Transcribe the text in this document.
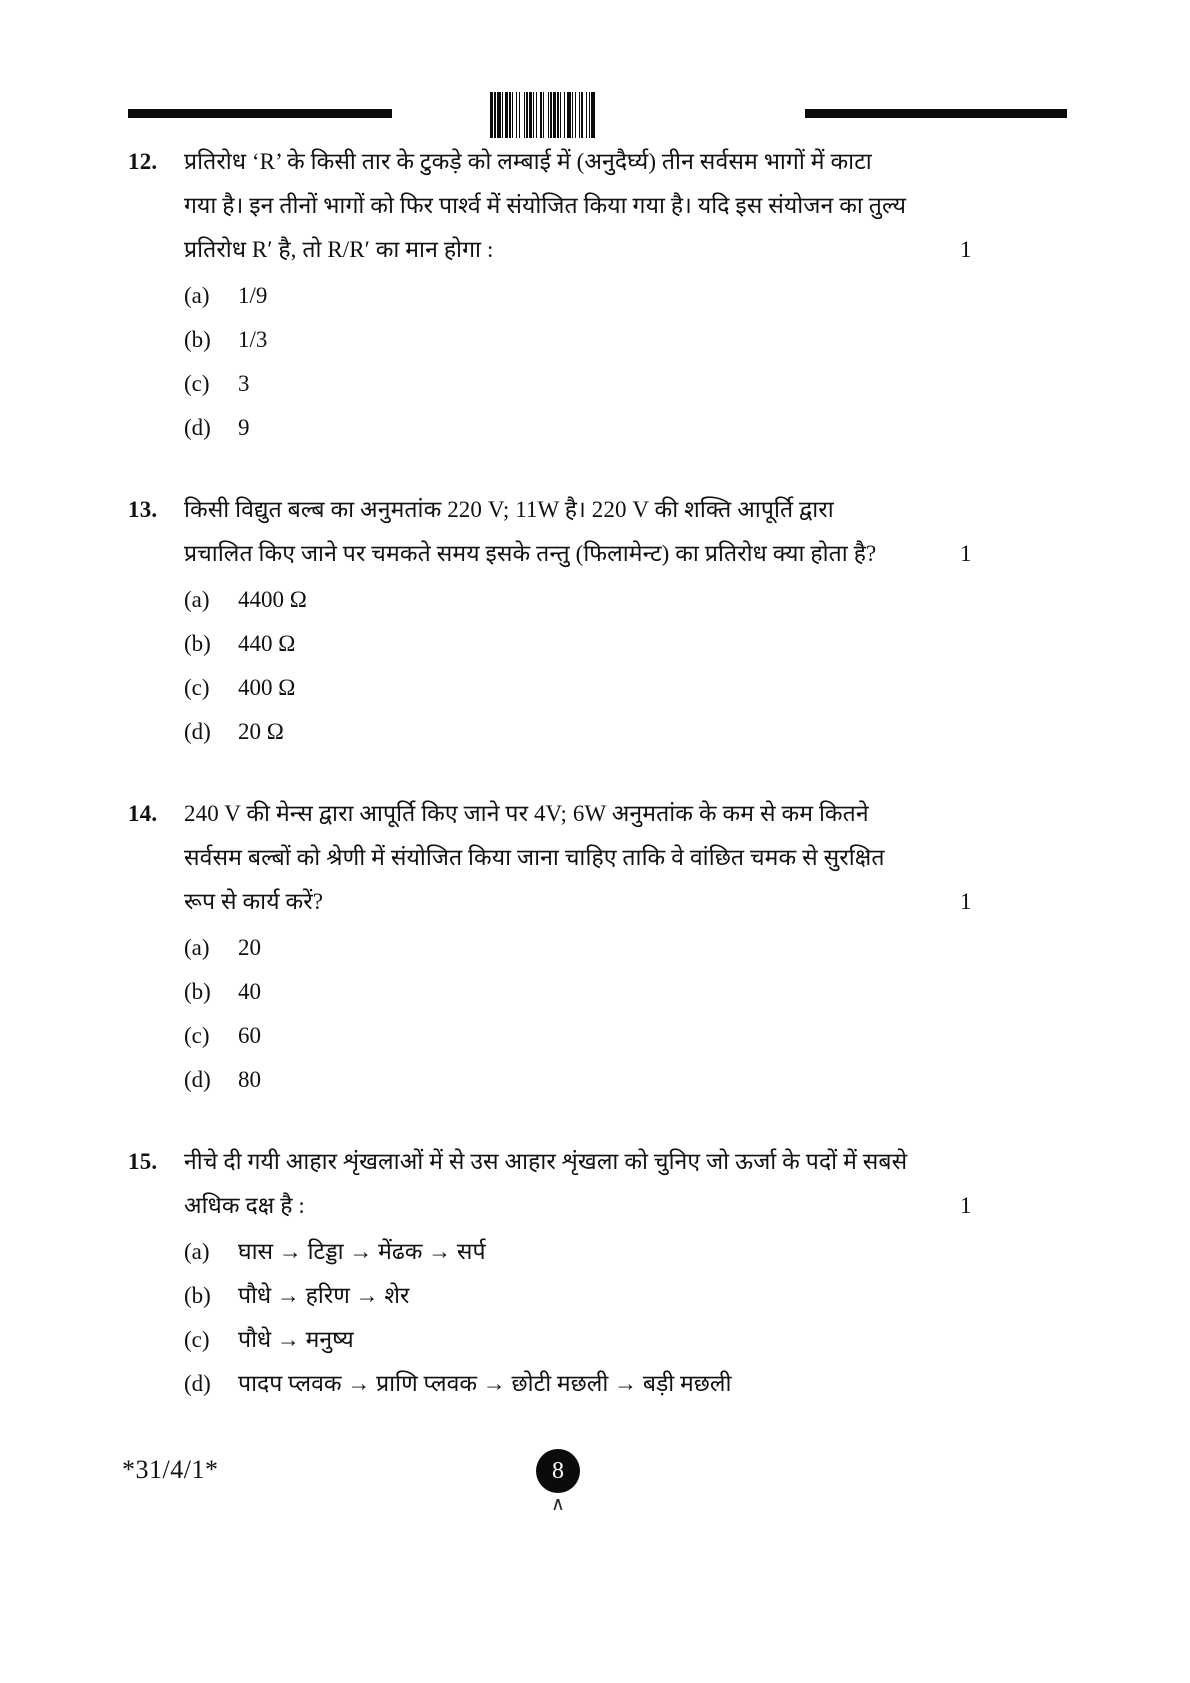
12.	प्रतिरोध ‘R’ के किसी तार के टुकड़े को लम्बाई में (अनुदैर्घ्य) तीन सर्वसम भागों में काटा
गया है। इन तीनों भागों को फिर पार्श्व में संयोजित किया गया है। यदि इस संयोजन का तुल्य
प्रतिरोध R′ है, तो R/R′ का मान होगा :	1
(a)	1/9
(b)	1/3
(c)	3
(d)	9
13.	किसी विद्युत बल्ब का अनुमतांक 220 V; 11W है। 220 V की शक्ति आपूर्ति द्वारा
प्रचालित किए जाने पर चमकते समय इसके तन्तु (फिलामेन्ट) का प्रतिरोध क्या होता है?	1
(a)	4400 Ω
(b)	440 Ω
(c)	400 Ω
(d)	20 Ω
14.	240 V की मेन्स द्वारा आपूर्ति किए जाने पर 4V; 6W अनुमतांक के कम से कम कितने
सर्वसम बल्बों को श्रेणी में संयोजित किया जाना चाहिए ताकि वे वांछित चमक से सुरक्षित
रूप से कार्य करें?	1
(a)	20
(b)	40
(c)	60
(d)	80
15.	नीचे दी गयी आहार शृंखलाओं में से उस आहार शृंखला को चुनिए जो ऊर्जा के पदों में सबसे
अधिक दक्ष है :	1
(a)	घास → टिड्डा → मेंढक → सर्प
(b)	पौधे → हरिण → शेर
(c)	पौधे → मनुष्य
(d)	पादप प्लवक → प्राणि प्लवक → छोटी मछली → बड़ी मछली
*31/4/1*	8
∧
